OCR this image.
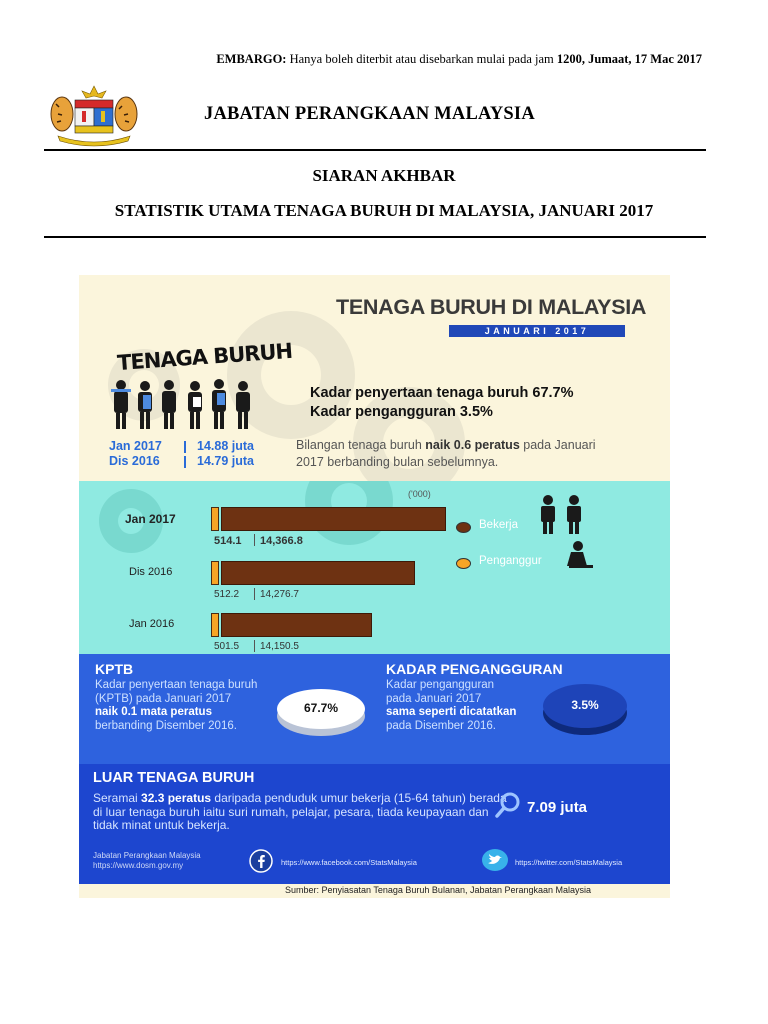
EMBARGO: Hanya boleh diterbit atau disebarkan mulai pada jam 1200, Jumaat, 17 Mac 2017
JABATAN PERANGKAAN MALAYSIA
SIARAN AKHBAR
STATISTIK UTAMA TENAGA BURUH DI MALAYSIA, JANUARI 2017
TENAGA BURUH DI MALAYSIA
JANUARI 2017
TENAGA BURUH
Kadar penyertaan tenaga buruh 67.7%
Kadar pengangguran 3.5%
Bilangan tenaga buruh naik 0.6 peratus pada Januari 2017 berbanding bulan sebelumnya.
Jan 2017	14.88 juta
Dis 2016	14.79 juta
('000)
Jan 2017
514.1 14,366.8
Dis 2016
512.2 14,276.7
Jan 2016
501.5 14,150.5
Bekerja
Penganggur
KPTB
Kadar penyertaan tenaga buruh
(KPTB) pada Januari 2017
naik 0.1 mata peratus
berbanding Disember 2016.
67.7%
KADAR PENGANGGURAN
Kadar pengangguran
pada Januari 2017
sama seperti dicatatkan
pada Disember 2016.
3.5%
LUAR TENAGA BURUH
Seramai 32.3 peratus daripada penduduk umur bekerja (15-64 tahun) berada di luar tenaga buruh iaitu suri rumah, pelajar, pesara, tiada keupayaan dan tidak minat untuk bekerja.
7.09 juta
Jabatan Perangkaan Malaysia
https://www.dosm.gov.my	https://www.facebook.com/StatsMalaysia	https://twitter.com/StatsMalaysia
Sumber: Penyiasatan Tenaga Buruh Bulanan, Jabatan Perangkaan Malaysia
